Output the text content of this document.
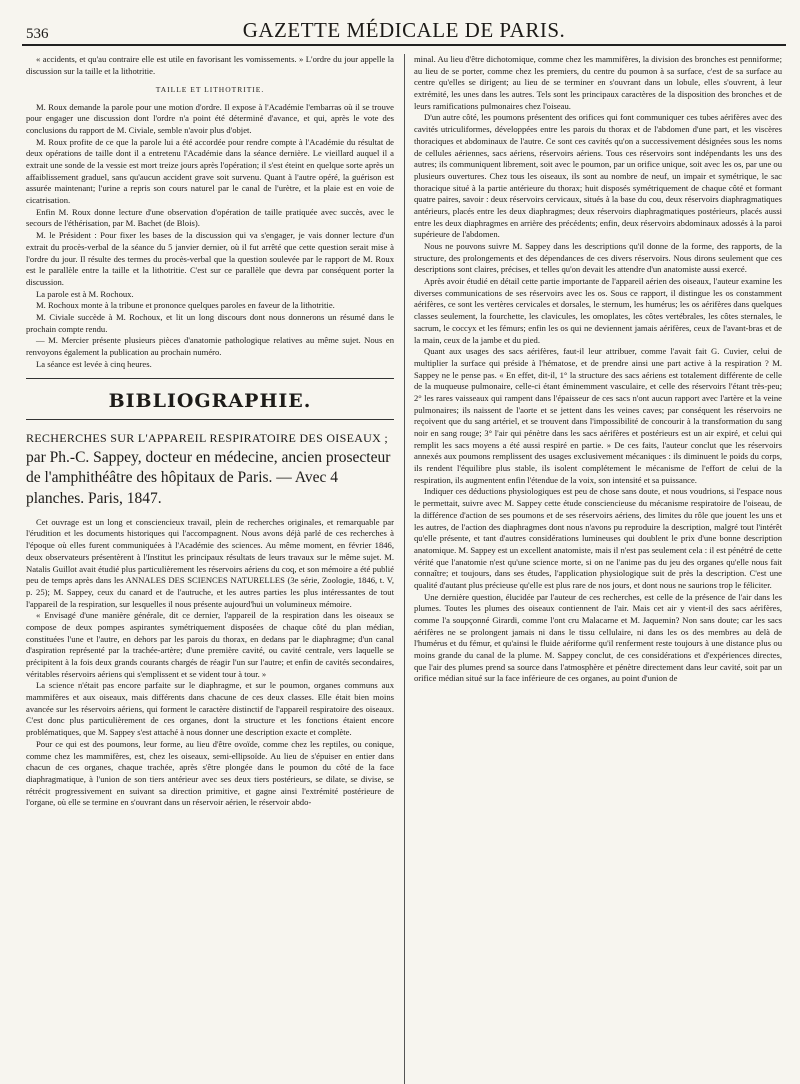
536	GAZETTE MÉDICALE DE PARIS.

« accidents, et qu'au contraire elle est utile en favorisant les vomissements. » L'ordre du jour appelle la discussion sur la taille et la lithotritie.

TAILLE ET LITHOTRITIE.

M. Roux demande la parole pour une motion d'ordre. Il expose à l'Académie l'embarras où il se trouve pour engager une discussion dont l'ordre n'a point été déterminé d'avance, et qui, après le vote des conclusions du rapport de M. Civiale, semble n'avoir plus d'objet.

M. Roux profite de ce que la parole lui a été accordée pour rendre compte à l'Académie du résultat de deux opérations de taille dont il a entretenu l'Académie dans la séance dernière. Le vieillard auquel il a extrait une sonde de la vessie est mort treize jours après l'opération; il s'est éteint en quelque sorte après un affaiblissement graduel, sans qu'aucun accident grave soit survenu. Quant à l'autre opéré, la guérison est assurée maintenant; l'urine a repris son cours naturel par le canal de l'urètre, et la plaie est en voie de cicatrisation.

Enfin M. Roux donne lecture d'une observation d'opération de taille pratiquée avec succès, avec le secours de l'éthérisation, par M. Bachet (de Blois).

M. le Président : Pour fixer les bases de la discussion qui va s'engager, je vais donner lecture d'un extrait du procès-verbal de la séance du 5 janvier dernier, où il fut arrêté que cette question serait mise à l'ordre du jour. Il résulte des termes du procès-verbal que la question soulevée par le rapport de M. Roux est le parallèle entre la taille et la lithotritie. C'est sur ce parallèle que devra par conséquent porter la discussion.

La parole est à M. Rochoux.

M. Rochoux monte à la tribune et prononce quelques paroles en faveur de la lithotritie.

M. Civiale succède à M. Rochoux, et lit un long discours dont nous donnerons un résumé dans le prochain compte rendu.

— M. Mercier présente plusieurs pièces d'anatomie pathologique relatives au même sujet. Nous en renvoyons également la publication au prochain numéro.

La séance est levée à cinq heures.

BIBLIOGRAPHIE.
RECHERCHES SUR L'APPAREIL RESPIRATOIRE DES OISEAUX ; par Ph.-C. Sappey, docteur en médecine, ancien prosecteur de l'amphithéâtre des hôpitaux de Paris. — Avec 4 planches. Paris, 1847.

Cet ouvrage est un long et consciencieux travail, plein de recherches originales, et remarquable par l'érudition et les documents historiques qui l'accompagnent. Nous avons déjà parlé de ces recherches à l'époque où elles furent communiquées à l'Académie des sciences. Au même moment, en février 1846, deux observateurs présentèrent à l'Institut les principaux résultats de leurs travaux sur le même sujet. M. Natalis Guillot avait étudié plus particulièrement les réservoirs aériens du coq, et son mémoire a été publié peu de temps après dans les ANNALES DES SCIENCES NATURELLES (3e série, Zoologie, 1846, t. V, p. 25); M. Sappey, ceux du canard et de l'autruche, et les autres parties les plus intéressantes de tout l'appareil de la respiration, sur lesquelles il nous présente aujourd'hui un volumineux mémoire.

« Envisagé d'une manière générale, dit ce dernier, l'appareil de la respiration dans les oiseaux se compose de deux pompes aspirantes symétriquement disposées de chaque côté du plan médian, constituées l'une et l'autre, en dehors par les parois du thorax, en dedans par le diaphragme; d'un canal d'aspiration représenté par la trachée-artère; d'une première cavité, ou cavité centrale, vers laquelle se précipitent à la fois deux grands courants chargés de réagir l'un sur l'autre; et enfin de cavités secondaires, véritables réservoirs aériens qui s'emplissent et se vident tour à tour. »

La science n'était pas encore parfaite sur le diaphragme, et sur le poumon, organes communs aux mammifères et aux oiseaux, mais différents dans chacune de ces deux classes. Elle était bien moins avancée sur les réservoirs aériens, qui forment le caractère distinctif de l'appareil respiratoire des oiseaux. C'est donc plus particulièrement de ces organes, dont la structure et les fonctions étaient encore problématiques, que M. Sappey s'est attaché à nous donner une description exacte et complète.

Pour ce qui est des poumons, leur forme, au lieu d'être ovoïde, comme chez les reptiles, ou conique, comme chez les mammifères, est, chez les oiseaux, semi-ellipsoïde. Au lieu de s'épuiser en entier dans chacun de ces organes, chaque trachée, après s'être plongée dans le poumon du côté de la face diaphragmatique, à l'union de son tiers antérieur avec ses deux tiers postérieurs, se dilate, se divise, se rétrécit progressivement en suivant sa direction primitive, et gagne ainsi l'extrémité postérieure de l'organe, où elle se termine en s'ouvrant dans un réservoir aérien, le réservoir abdo-

minal. Au lieu d'être dichotomique, comme chez les mammifères, la division des bronches est penniforme; au lieu de se porter, comme chez les premiers, du centre du poumon à sa surface, c'est de sa surface au centre qu'elles se dirigent; au lieu de se terminer en s'ouvrant dans un lobule, elles s'ouvrent, à leur extrémité, les unes dans les autres. Tels sont les principaux caractères de la disposition des bronches et de leurs ramifications pulmonaires chez l'oiseau.

D'un autre côté, les poumons présentent des orifices qui font communiquer ces tubes aérifères avec des cavités utriculiformes, développées entre les parois du thorax et de l'abdomen d'une part, et les viscères thoraciques et abdominaux de l'autre. Ce sont ces cavités qu'on a successivement désignées sous les noms de cellules aériennes, sacs aériens, réservoirs aériens. Tous ces réservoirs sont indépendants les uns des autres; ils communiquent librement, soit avec le poumon, par un orifice unique, soit avec les os, par une ou plusieurs ouvertures. Chez tous les oiseaux, ils sont au nombre de neuf, un impair et symétrique, le sac thoracique situé à la partie antérieure du thorax; huit disposés symétriquement de chaque côté et formant quatre paires, savoir : deux réservoirs cervicaux, situés à la base du cou, deux réservoirs diaphragmatiques antérieurs, placés entre les deux diaphragmes; deux réservoirs diaphragmatiques postérieurs, placés aussi entre les deux diaphragmes en arrière des précédents; enfin, deux réservoirs abdominaux adossés à la paroi supérieure de l'abdomen.

Nous ne pouvons suivre M. Sappey dans les descriptions qu'il donne de la forme, des rapports, de la structure, des prolongements et des dépendances de ces divers réservoirs. Nous dirons seulement que ces descriptions sont claires, précises, et telles qu'on devait les attendre d'un anatomiste aussi exercé.

Après avoir étudié en détail cette partie importante de l'appareil aérien des oiseaux, l'auteur examine les diverses communications de ses réservoirs avec les os. Sous ce rapport, il distingue les os constamment aérifères, ce sont les vertères cervicales et dorsales, le sternum, les humérus; les os aérifères dans quelques classes seulement, la fourchette, les clavicules, les omoplates, les côtes vertébrales, les côtes sternales, le sacrum, le coccyx et les fémurs; enfin les os qui ne deviennent jamais aérifères, ceux de l'avant-bras et de la main, ceux de la jambe et du pied.

Quant aux usages des sacs aérifères, faut-il leur attribuer, comme l'avait fait G. Cuvier, celui de multiplier la surface qui préside à l'hématose, et de prendre ainsi une part active à la respiration ? M. Sappey ne le pense pas. « En effet, dit-il, 1° la structure des sacs aériens est totalement différente de celle de la muqueuse pulmonaire, celle-ci étant éminemment vasculaire, et celle des réservoirs l'étant très-peu; 2° les rares vaisseaux qui rampent dans l'épaisseur de ces sacs n'ont aucun rapport avec l'artère et la veine pulmonaires; ils naissent de l'aorte et se jettent dans les veines caves; par conséquent les réservoirs ne reçoivent que du sang artériel, et se trouvent dans l'impossibilité de concourir à la transformation du sang noir en sang rouge; 3° l'air qui pénètre dans les sacs aérifères et postérieurs est un air expiré, et celui qui remplit les sacs moyens a été aussi respiré en partie. » De ces faits, l'auteur conclut que les réservoirs annexés aux poumons remplissent des usages exclusivement mécaniques : ils diminuent le poids du corps, ils rendent l'équilibre plus stable, ils isolent complétement le mécanisme de l'effort de celui de la respiration, ils augmentent enfin l'étendue de la voix, son intensité et sa puissance.

Indiquer ces déductions physiologiques est peu de chose sans doute, et nous voudrions, si l'espace nous le permettait, suivre avec M. Sappey cette étude consciencieuse du mécanisme respiratoire de l'oiseau, de la différence d'action de ses poumons et de ses réservoirs aériens, des limites du rôle que jouent les uns et les autres, de l'action des diaphragmes dont nous n'avons pu reproduire la description, malgré tout l'intérêt qu'elle présente, et tant d'autres considérations lumineuses qui doublent le prix d'une bonne description anatomique. M. Sappey est un excellent anatomiste, mais il n'est pas seulement cela : il est pénétré de cette vérité que l'anatomie n'est qu'une science morte, si on ne l'anime pas du jeu des organes qu'elle nous fait connaître; et toujours, dans ses études, l'application physiologique suit de près la description. C'est une qualité d'autant plus précieuse qu'elle est plus rare de nos jours, et dont nous ne saurions trop le féliciter.

Une dernière question, élucidée par l'auteur de ces recherches, est celle de la présence de l'air dans les plumes. Toutes les plumes des oiseaux contiennent de l'air. Mais cet air y vient-il des sacs aérifères, comme l'a soupçonné Girardi, comme l'ont cru Malacarne et M. Jaquemin? Non sans doute; car les sacs aérifères ne se prolongent jamais ni dans le tissu cellulaire, ni dans les os des membres au delà de l'humérus et du fémur, et qu'ainsi le fluide aériforme qu'il renferment reste toujours à une distance plus ou moins grande du canal de la plume. M. Sappey conclut, de ces considérations et d'expériences directes, que l'air des plumes prend sa source dans l'atmosphère et pénètre directement dans leur cavité, soit par un orifice médian situé sur la face inférieure de ces organes, au point d'union de
